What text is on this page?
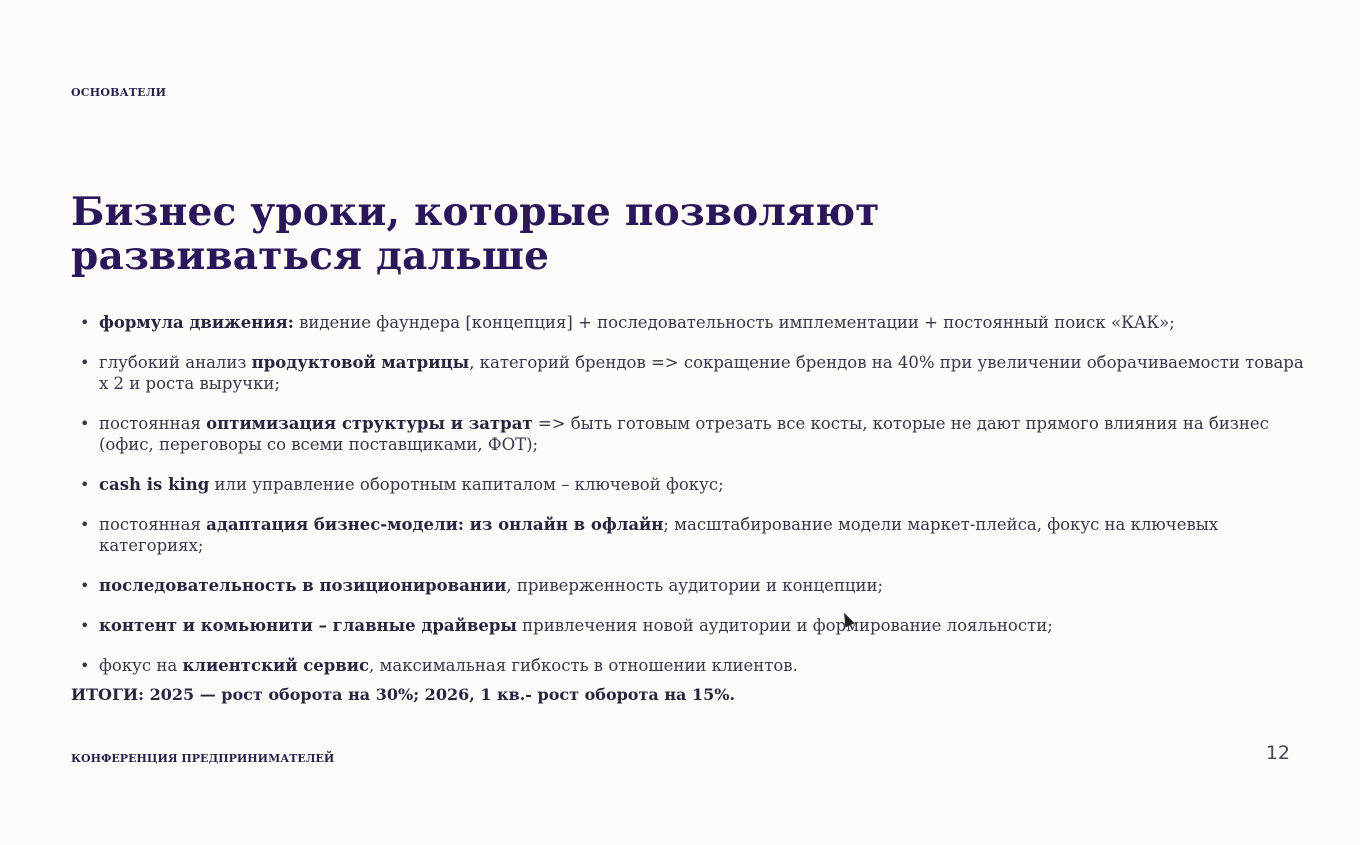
ОСНОВАТЕЛИ
Бизнес уроки, которые позволяют
развиваться дальше
• формула движения: видение фаундера [концепция] + последовательность имплементации + постоянный поиск «КАК»;
• глубокий анализ продуктовой матрицы, категорий брендов => сокращение брендов на 40% при увеличении оборачиваемости товара х 2 и роста выручки;
• постоянная оптимизация структуры и затрат => быть готовым отрезать все косты, которые не дают прямого влияния на бизнес (офис, переговоры со всеми поставщиками, ФОТ);
• cash is king или управление оборотным капиталом – ключевой фокус;
• постоянная адаптация бизнес-модели: из онлайн в офлайн; масштабирование модели маркет-плейса, фокус на ключевых категориях;
• последовательность в позиционировании, приверженность аудитории и концепции;
• контент и комьюнити – главные драйверы привлечения новой аудитории и формирование лояльности;
• фокус на клиентский сервис, максимальная гибкость в отношении клиентов.
ИТОГИ: 2025 — рост оборота на 30%; 2026, 1 кв.- рост оборота на 15%.
КОНФЕРЕНЦИЯ ПРЕДПРИНИМАТЕЛЕЙ	12
